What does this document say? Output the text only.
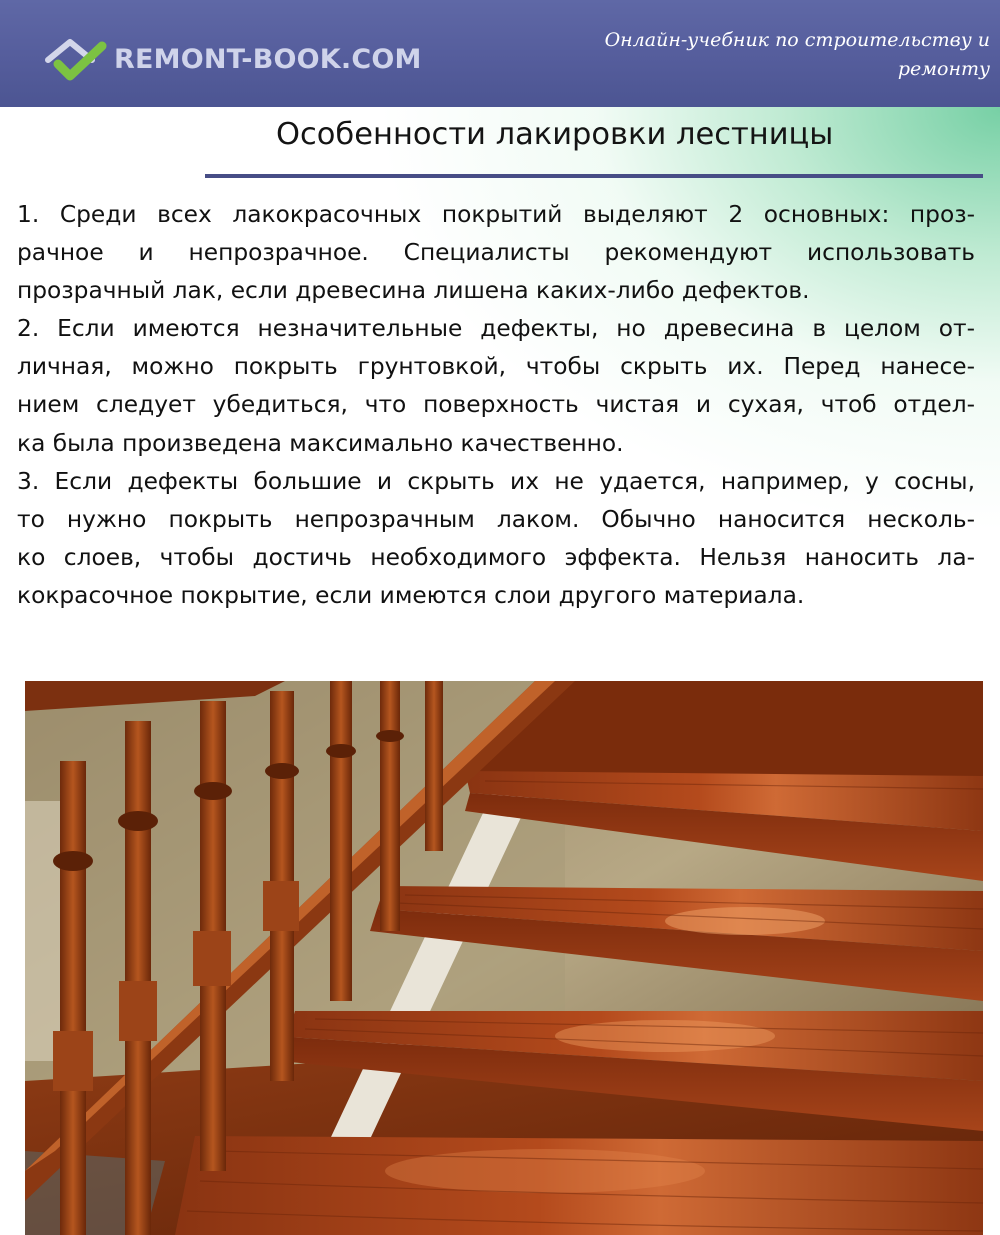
REMONT-BOOK.COM
Онлайн-учебник по строительству и ремонту
Особенности лакировки лестницы
1. Среди всех лакокрасочных покрытий выделяют 2 основных: проз-
рачное и непрозрачное. Специалисты рекомендуют использовать
прозрачный лак, если древесина лишена каких-либо дефектов.
2. Если имеются незначительные дефекты, но древесина в целом от-
личная, можно покрыть грунтовкой, чтобы скрыть их. Перед нанесе-
нием следует убедиться, что поверхность чистая и сухая, чтоб отдел-
ка была произведена максимально качественно.
3. Если дефекты большие и скрыть их не удается, например, у сосны,
то нужно покрыть непрозрачным лаком. Обычно наносится несколь-
ко слоев, чтобы достичь необходимого эффекта. Нельзя наносить ла-
кокрасочное покрытие, если имеются слои другого материала.
